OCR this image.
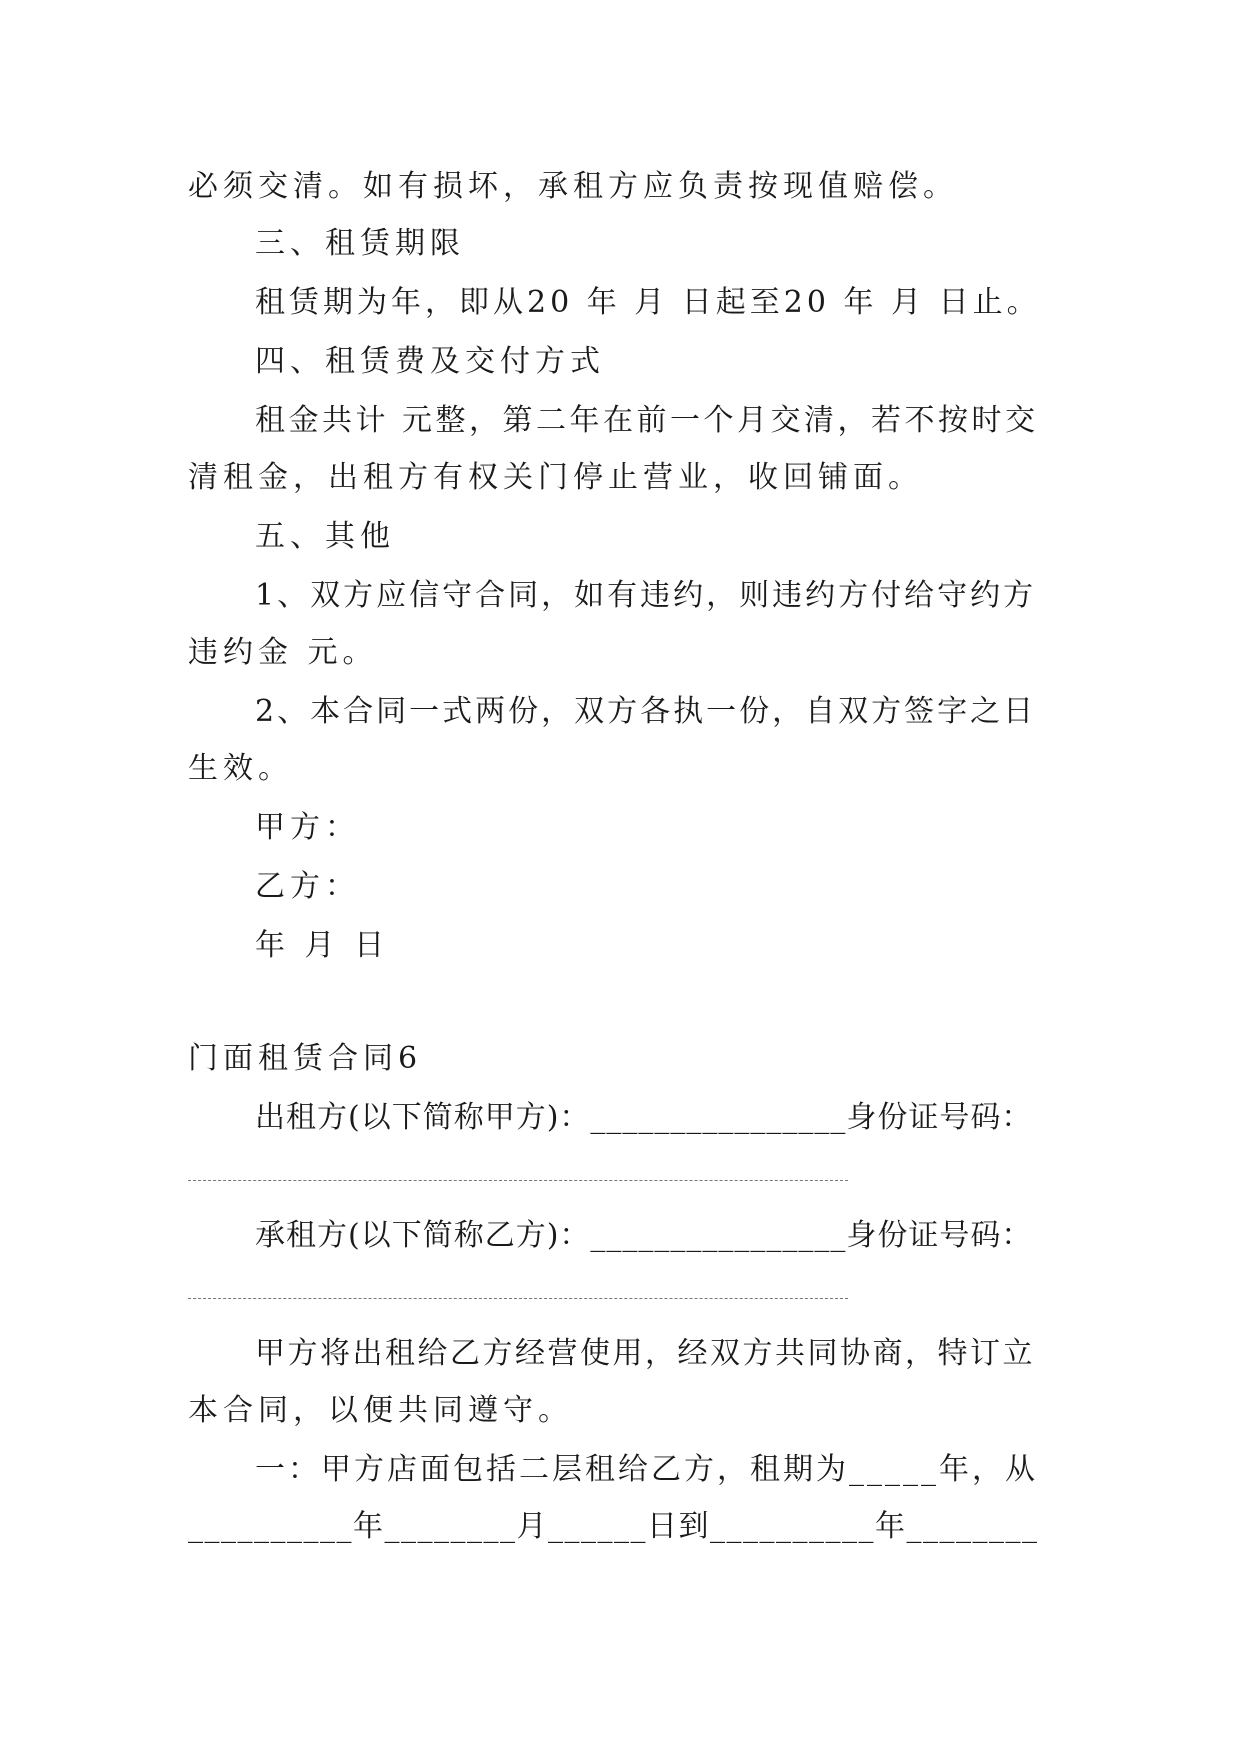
必须交清。如有损坏，承租方应负责按现值赔偿。

三、租赁期限

租赁期为年，即从20 年 月 日起至20 年 月 日止。

四、租赁费及交付方式

租金共计 元整，第二年在前一个月交清，若不按时交

清租金，出租方有权关门停止营业，收回铺面。

五、其他

1、双方应信守合同，如有违约，则违约方付给守约方

违约金 元。

2、本合同一式两份，双方各执一份，自双方签字之日

生效。

甲方：

乙方：

年 月 日

门面租赁合同6

出租方(以下简称甲方)：________________身份证号码：

承租方(以下简称乙方)：________________身份证号码：

甲方将出租给乙方经营使用，经双方共同协商，特订立

本合同，以便共同遵守。

一：甲方店面包括二层租给乙方，租期为_____年，从

__________年________月______日到__________年________
